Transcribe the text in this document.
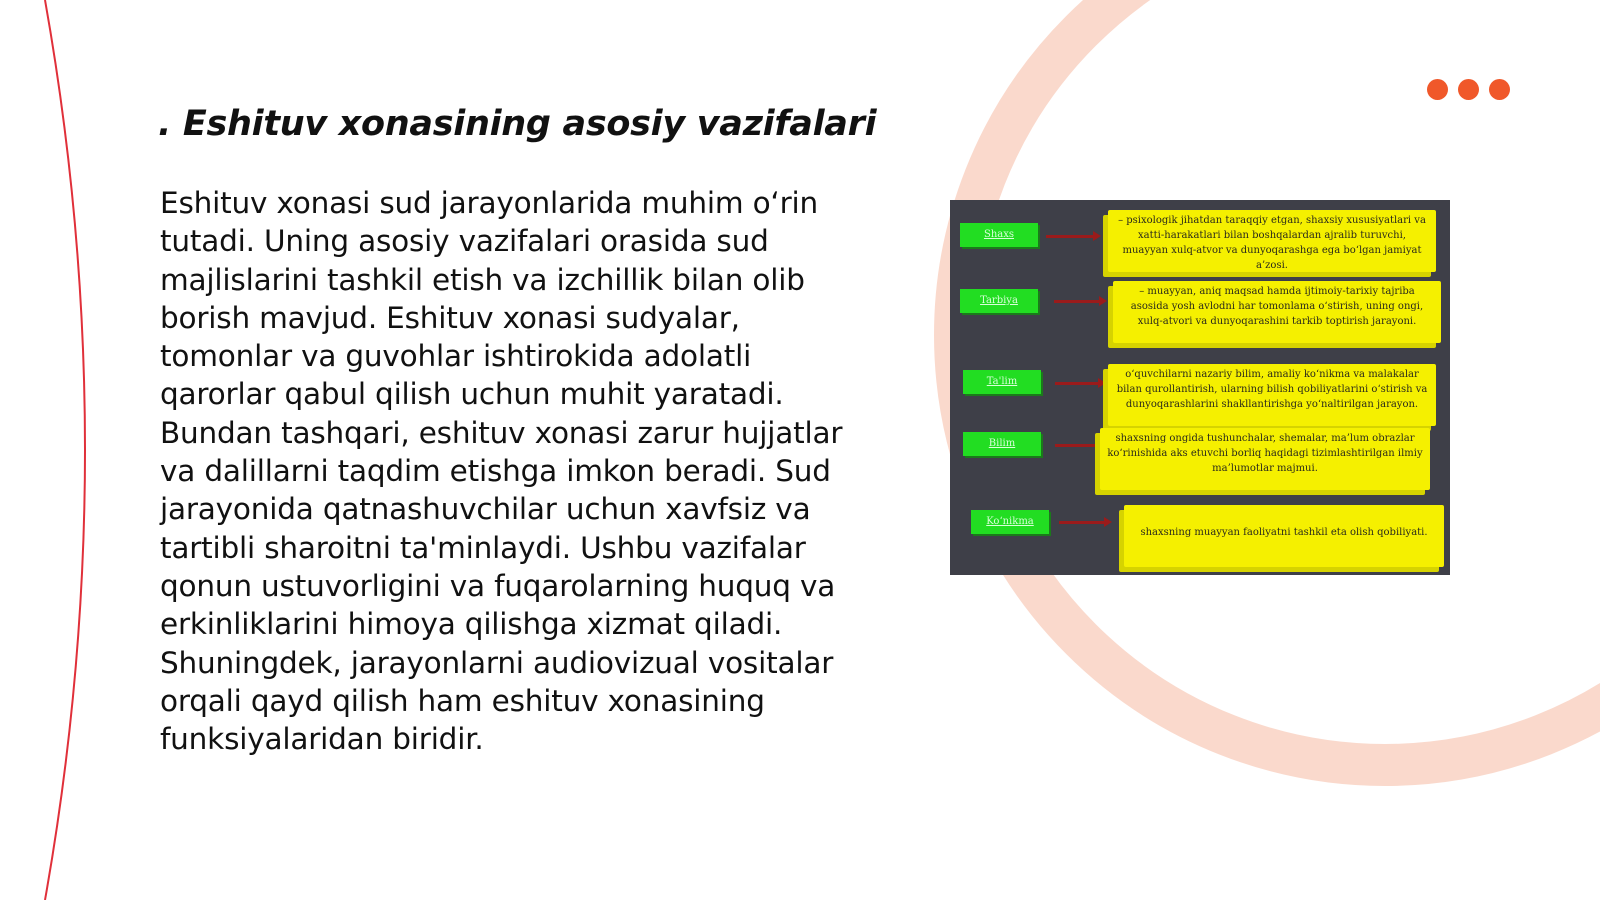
. Eshituv xonasining asosiy vazifalari

Eshituv xonasi sud jarayonlarida muhim o‘rin tutadi. Uning asosiy vazifalari orasida sud majlislarini tashkil etish va izchillik bilan olib borish mavjud. Eshituv xonasi sudyalar, tomonlar va guvohlar ishtirokida adolatli qarorlar qabul qilish uchun muhit yaratadi. Bundan tashqari, eshituv xonasi zarur hujjatlar va dalillarni taqdim etishga imkon beradi. Sud jarayonida qatnashuvchilar uchun xavfsiz va tartibli sharoitni ta'minlaydi. Ushbu vazifalar qonun ustuvorligini va fuqarolarning huquq va erkinliklarini himoya qilishga xizmat qiladi. Shuningdek, jarayonlarni audiovizual vositalar orqali qayd qilish ham eshituv xonasining funksiyalaridan biridir.

Shaxs
– psixologik jihatdan taraqqiy etgan, shaxsiy xususiyatlari va xatti-harakatlari bilan boshqalardan ajralib turuvchi, muayyan xulq-atvor va dunyoqarashga ega bo‘lgan jamiyat a’zosi.
Tarbiya
– muayyan, aniq maqsad hamda ijtimoiy-tarixiy tajriba asosida yosh avlodni har tomonlama o‘stirish, uning ongi, xulq-atvori va dunyoqarashini tarkib toptirish jarayoni.
Ta'lim
o‘quvchilarni nazariy bilim, amaliy ko‘nikma va malakalar bilan qurollantirish, ularning bilish qobiliyatlarini o‘stirish va dunyoqarashlarini shakllantirishga yo‘naltirilgan jarayon.
Bilim	shaxsning ongida tushunchalar, shemalar, ma’lum obrazlar ko‘rinishida aks etuvchi borliq haqidagi tizimlashtirilgan ilmiy ma’lumotlar majmui.
Ko‘nikma
shaxsning muayyan faoliyatni tashkil eta olish qobiliyati.
